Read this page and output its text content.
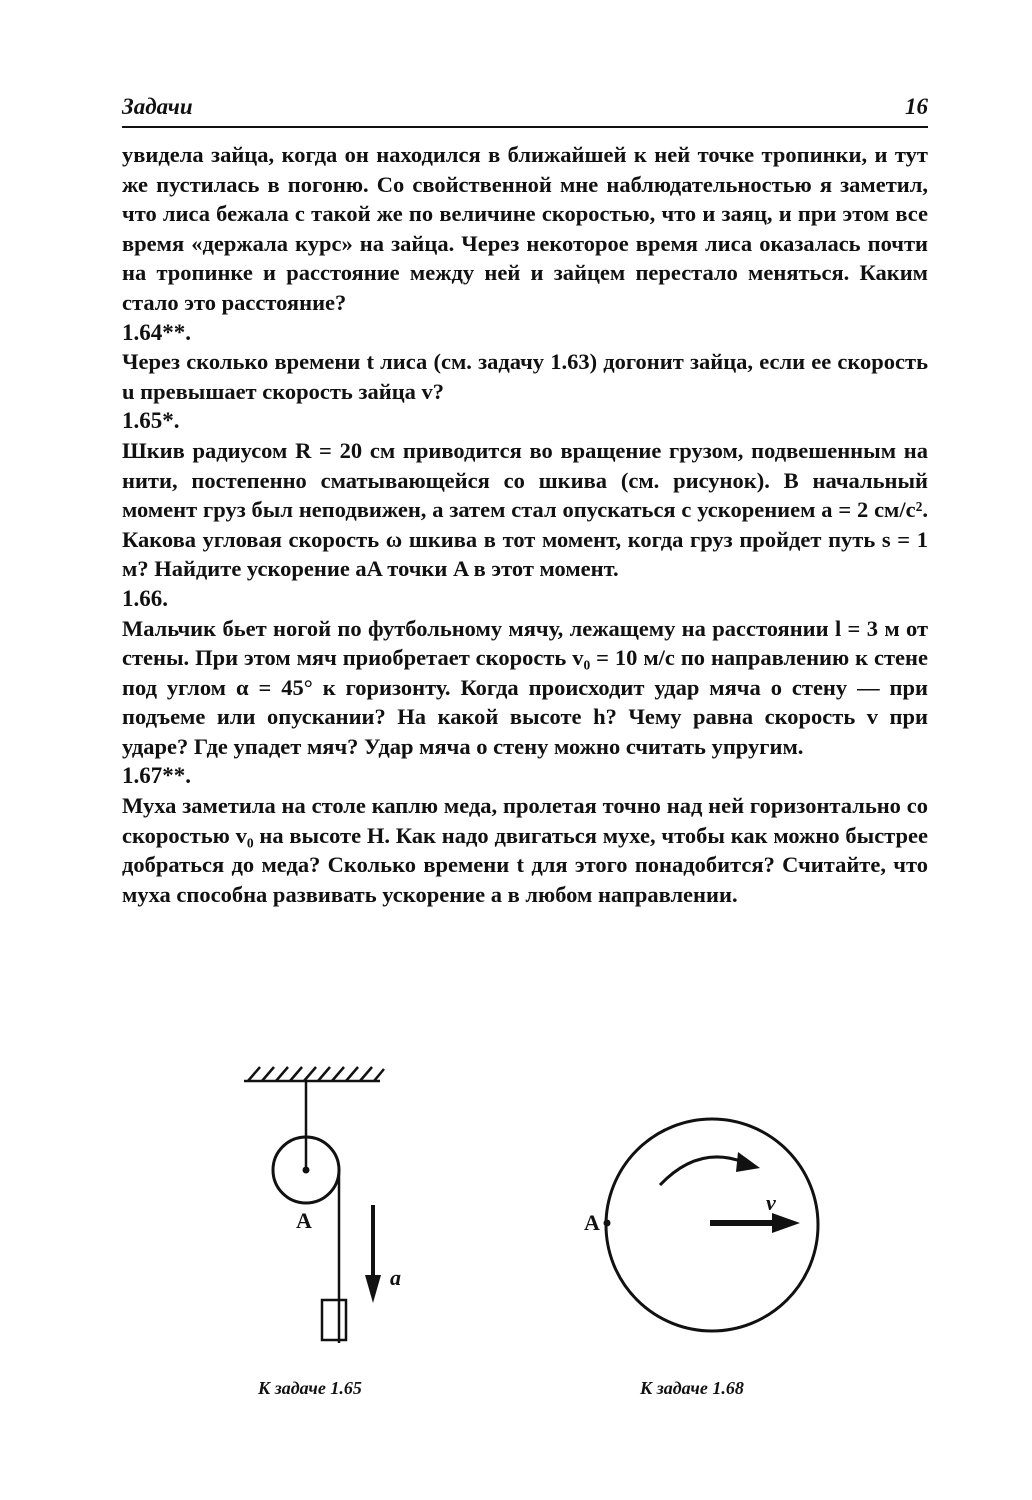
Задачи	16

увидела зайца, когда он находился в ближайшей к ней точке тропинки, и тут же пустилась в погоню. Со свойственной мне наблюдательностью я заметил, что лиса бежала с такой же по величине скоростью, что и заяц, и при этом все время «держала курс» на зайца. Через некоторое время лиса оказалась почти на тропинке и расстояние между ней и зайцем перестало меняться. Каким стало это расстояние?

1.64**.

Через сколько времени t лиса (см. задачу 1.63) догонит зайца, если ее скорость u превышает скорость зайца v?

1.65*.

Шкив радиусом R = 20 см приводится во вращение грузом, подвешенным на нити, постепенно сматывающейся со шкива (см. рисунок). В начальный момент груз был неподвижен, а затем стал опускаться с ускорением a = 2 см/с². Какова угловая скорость ω шкива в тот момент, когда груз пройдет путь s = 1 м? Найдите ускорение aA точки A в этот момент.

1.66.

Мальчик бьет ногой по футбольному мячу, лежащему на расстоянии l = 3 м от стены. При этом мяч приобретает скорость v₀ = 10 м/с по направлению к стене под углом α = 45° к горизонту. Когда происходит удар мяча о стену — при подъеме или опускании? На какой высоте h? Чему равна скорость v при ударе? Где упадет мяч? Удар мяча о стену можно считать упругим.

1.67**.

Муха заметила на столе каплю меда, пролетая точно над ней горизонтально со скоростью v₀ на высоте H. Как надо двигаться мухе, чтобы как можно быстрее добраться до меда? Сколько времени t для этого понадобится? Считайте, что муха способна развивать ускорение a в любом направлении.

A
a
A
v
К задаче 1.65	К задаче 1.68
